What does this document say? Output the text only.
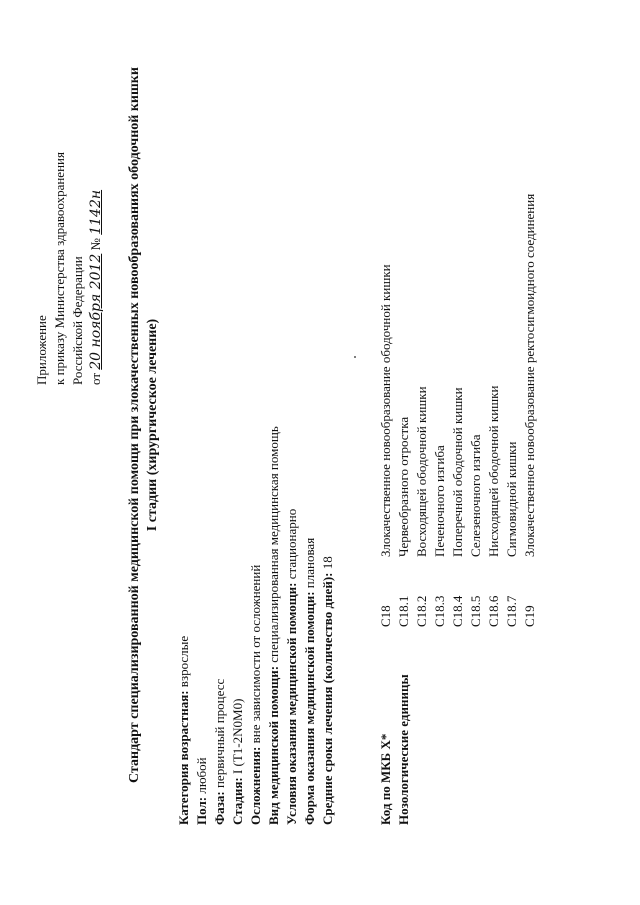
Приложение к приказу Министерства здравоохранения Российской Федерации от 20 ноября 2012 № 1142н Стандарт специализированной медицинской помощи при злокачественных новообразованиях ободочной кишки I стадии (хирургическое лечение)
Категория возрастная: взрослые
Пол: любой
Фаза: первичный процесс
Стадия: I (T1-2N0M0)
Осложнения: вне зависимости от осложнений
Вид медицинской помощи: специализированная медицинская помощь
Условия оказания медицинской помощи: стационарно
Форма оказания медицинской помощи: плановая
Средние сроки лечения (количество дней): 18
Код по МКБ X* Нозологические единицы
C18Злокачественное новообразование ободочной кишки
C18.1Червеобразного отростка
C18.2Восходящей ободочной кишки
C18.3Печеночного изгиба
C18.4Поперечной ободочной кишки
C18.5Селезеночного изгиба
C18.6Нисходящей ободочной кишки
C18.7Сигмовидной кишки
C19Злокачественное новообразование ректосигмоидного соединения
